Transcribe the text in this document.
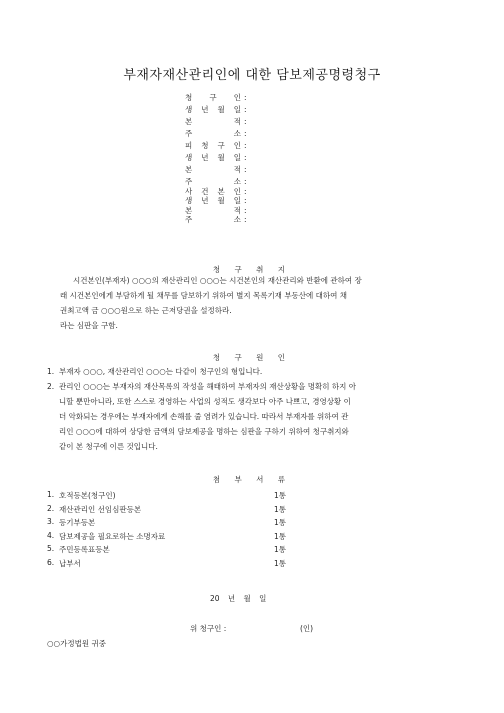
부재자재산관리인에 대한 담보제공명령청구
청 구 인 :
생 년 월 일 :
본	적 :
주	소 :
피 청 구 인 :
생 년 월 일 :
본	적 :
주	소 :
사 건 본 인 :
생 년 월 일 :
본	적 :
주	소 :
청 구 취 지
시건본인(부재자) ○○○의 재산관리인 ○○○는 시건본인의 재산관리와 반환에 관하여 장
래 시건본인에게 부담하게 될 채무를 담보하기 위하여 별지 목록기재 부동산에 대하여 채
권최고액 금 ○○○원으로 하는 근저당권을 설정하라.
라는 심판을 구함.
청 구 원 인
1. 부재자 ○○○, 재산관리인 ○○○는 다같이 청구인의 형입니다.
2. 관리인 ○○○는 부재자의 재산목록의 작성을 해태하여 부재자의 재산상황을 명확히 하지 아
니할 뿐만아니라, 또한 스스로 경영하는 사업의 성적도 생각보다 아주 나쁘고, 경영상황 이
더 악화되는 경우에는 부재자에게 손해를 줄 염려가 있습니다. 따라서 부재자를 위하여 관
리인 ○○○에 대하여 상당한 금액의 담보제공을 명하는 심판을 구하기 위하여 청구취지와
같이 본 청구에 이른 것입니다.
첨 부 서 류
1. 호적등본(청구인)	1통
2. 재산관리인 선임심판등본	1통
3. 등기부등본	1통
4. 담보제공을 필요로하는 소명자료	1통
5. 주민등록표등본	1통
6. 납부서	1통
20 년 월 일
위 청구인 :	(인)
○○가정법원 귀중
